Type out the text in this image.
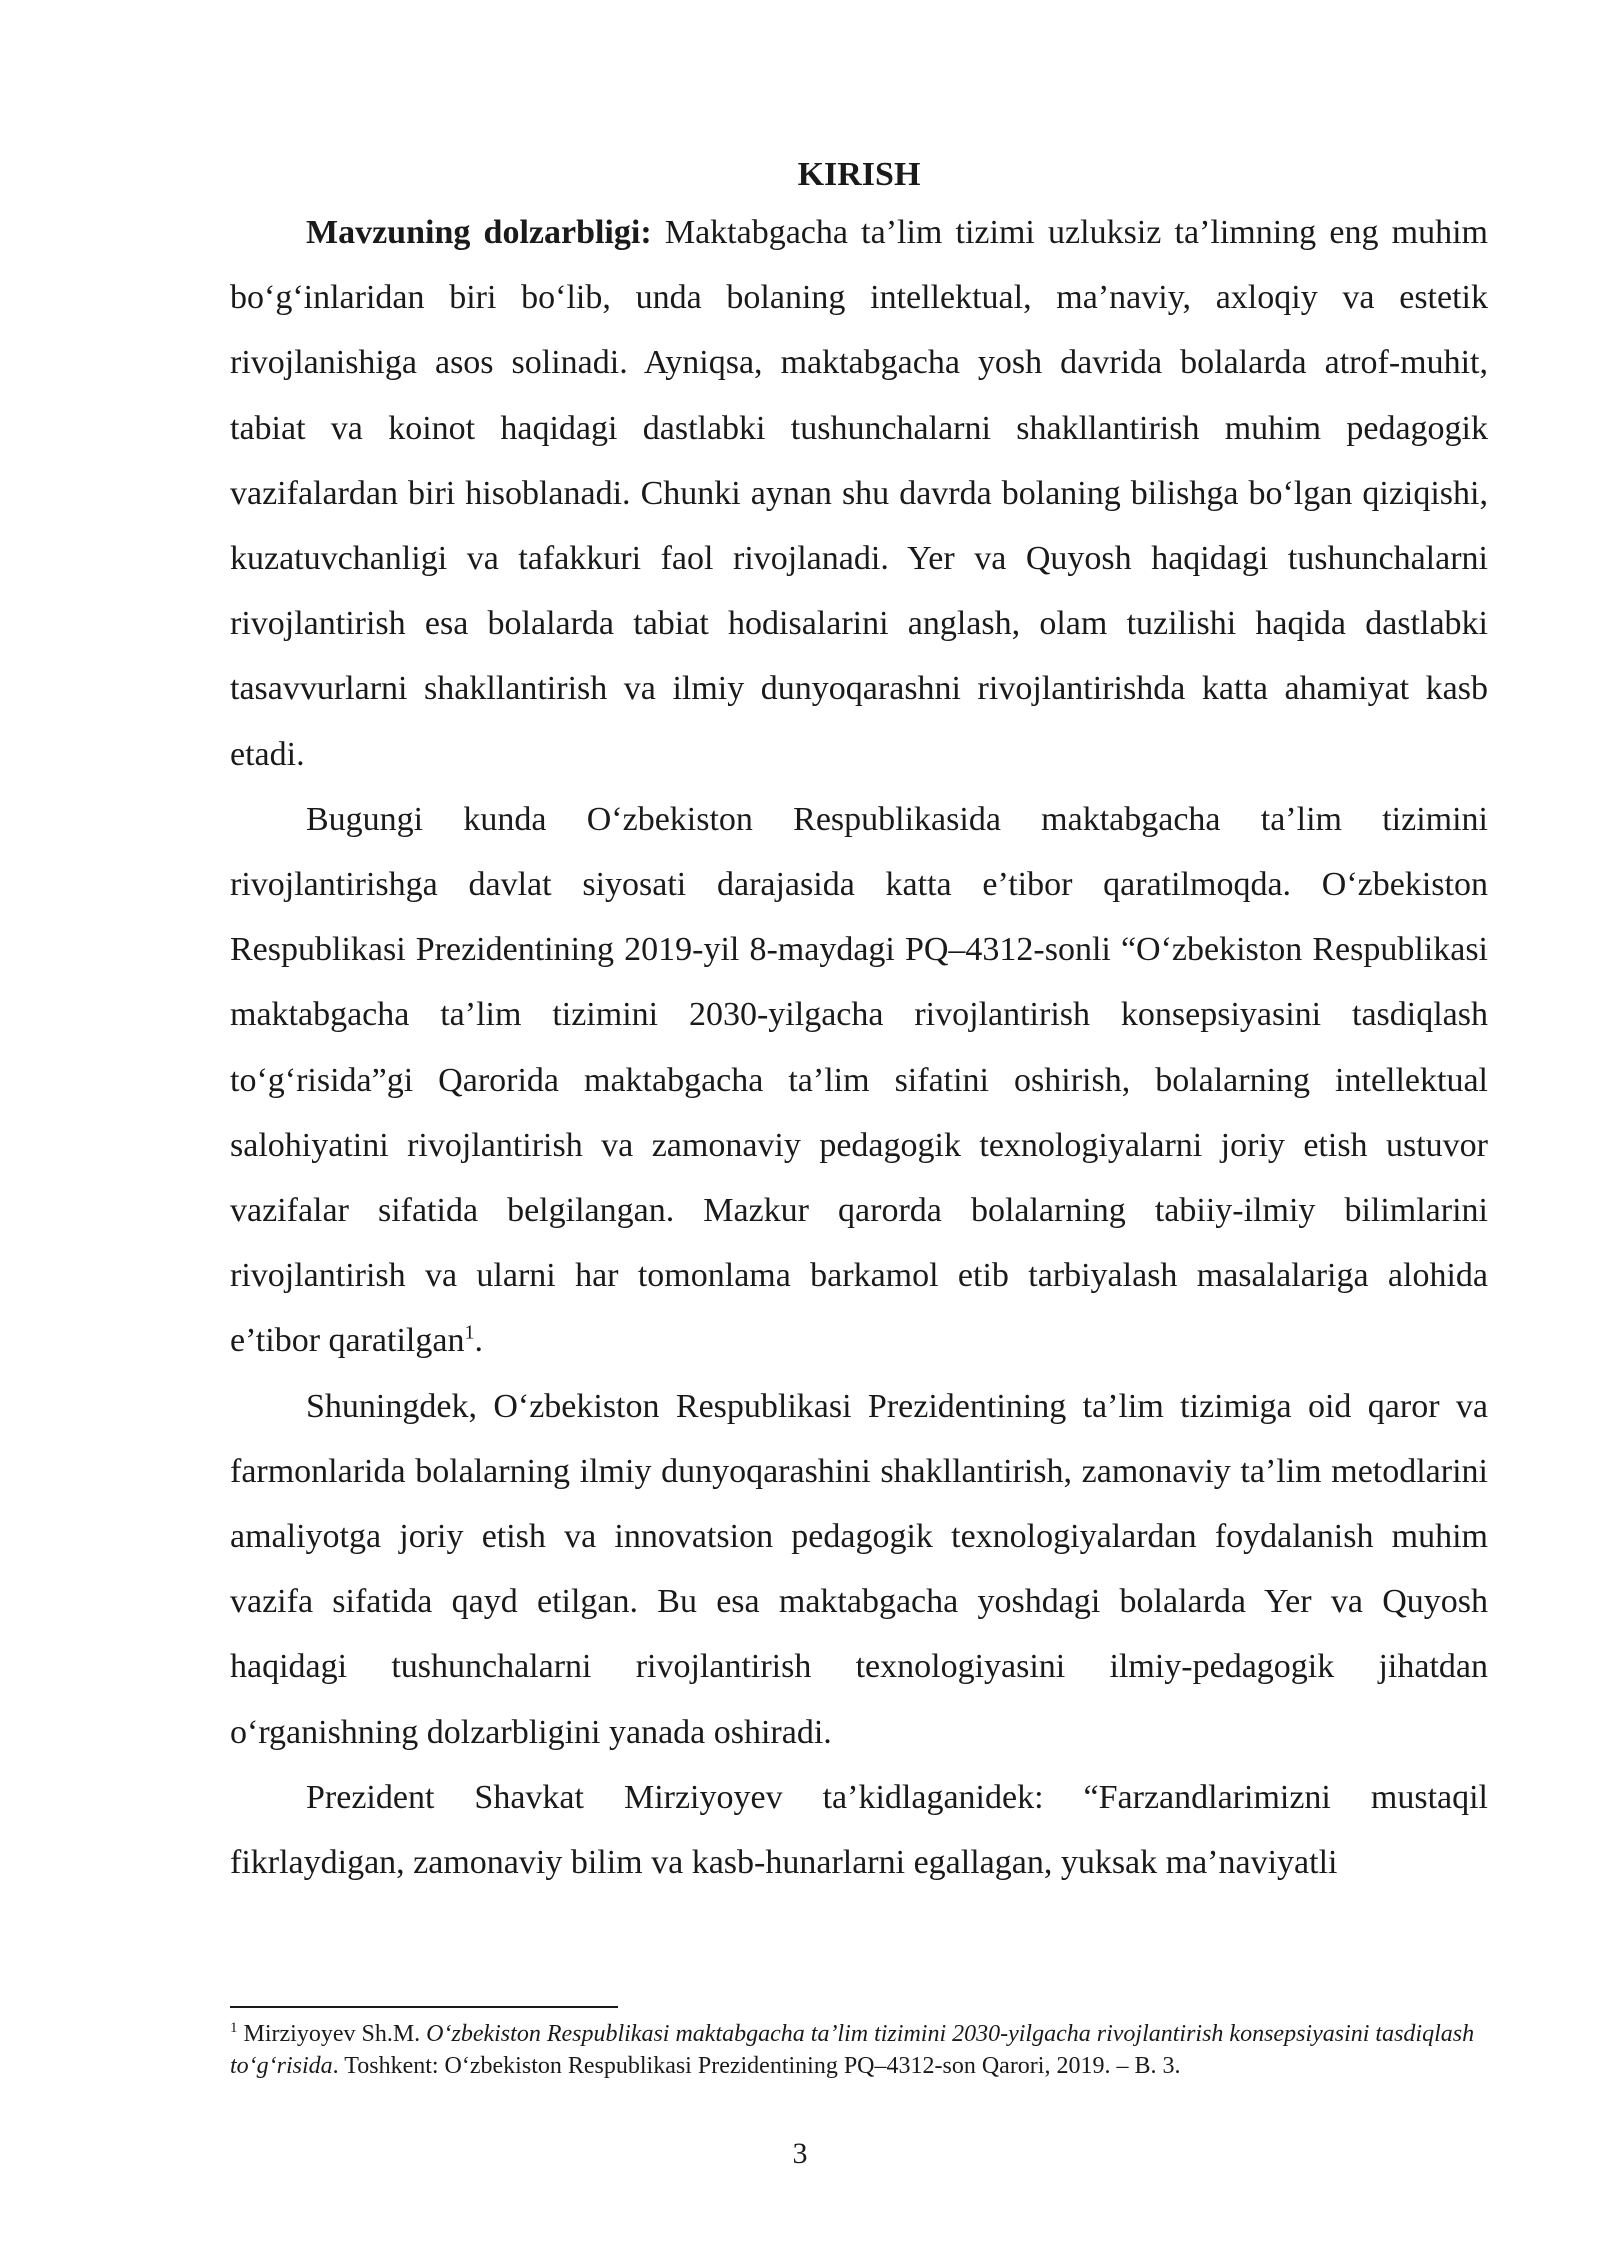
KIRISH

Mavzuning dolzarbligi: Maktabgacha ta’lim tizimi uzluksiz ta’limning eng muhim bo‘g‘inlaridan biri bo‘lib, unda bolaning intellektual, ma’naviy, axloqiy va estetik rivojlanishiga asos solinadi. Ayniqsa, maktabgacha yosh davrida bolalarda atrof-muhit, tabiat va koinot haqidagi dastlabki tushunchalarni shakllantirish muhim pedagogik vazifalardan biri hisoblanadi. Chunki aynan shu davrda bolaning bilishga bo‘lgan qiziqishi, kuzatuvchanligi va tafakkuri faol rivojlanadi. Yer va Quyosh haqidagi tushunchalarni rivojlantirish esa bolalarda tabiat hodisalarini anglash, olam tuzilishi haqida dastlabki tasavvurlarni shakllantirish va ilmiy dunyoqarashni rivojlantirishda katta ahamiyat kasb etadi.

Bugungi kunda O‘zbekiston Respublikasida maktabgacha ta’lim tizimini rivojlantirishga davlat siyosati darajasida katta e’tibor qaratilmoqda. O‘zbekiston Respublikasi Prezidentining 2019-yil 8-maydagi PQ–4312-sonli “O‘zbekiston Respublikasi maktabgacha ta’lim tizimini 2030-yilgacha rivojlantirish konsepsiyasini tasdiqlash to‘g‘risida”gi Qarorida maktabgacha ta’lim sifatini oshirish, bolalarning intellektual salohiyatini rivojlantirish va zamonaviy pedagogik texnologiyalarni joriy etish ustuvor vazifalar sifatida belgilangan. Mazkur qarorda bolalarning tabiiy-ilmiy bilimlarini rivojlantirish va ularni har tomonlama barkamol etib tarbiyalash masalalariga alohida e’tibor qaratilgan$^1$.

Shuningdek, O‘zbekiston Respublikasi Prezidentining ta’lim tizimiga oid qaror va farmonlarida bolalarning ilmiy dunyoqarashini shakllantirish, zamonaviy ta’lim metodlarini amaliyotga joriy etish va innovatsion pedagogik texnologiyalardan foydalanish muhim vazifa sifatida qayd etilgan. Bu esa maktabgacha yoshdagi bolalarda Yer va Quyosh haqidagi tushunchalarni rivojlantirish texnologiyasini ilmiy-pedagogik jihatdan o‘rganishning dolzarbligini yanada oshiradi.

Prezident Shavkat Mirziyoyev ta’kidlaganidek: “Farzandlarimizni mustaqil fikrlaydigan, zamonaviy bilim va kasb-hunarlarni egallagan, yuksak ma’naviyatli

$^1$ Mirziyoyev Sh.M. O‘zbekiston Respublikasi maktabgacha ta’lim tizimini 2030-yilgacha rivojlantirish konsepsiyasini tasdiqlash to‘g‘risida. Toshkent: O‘zbekiston Respublikasi Prezidentining PQ–4312-son Qarori, 2019. – B. 3.

3
